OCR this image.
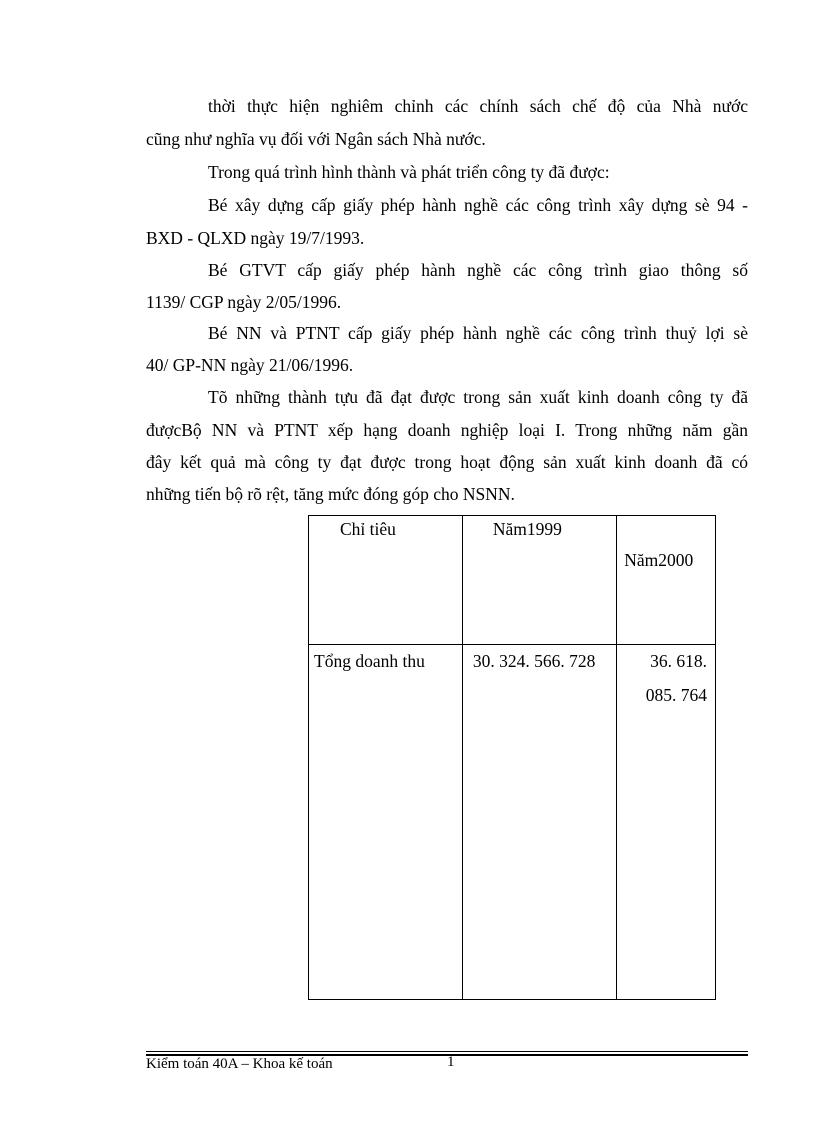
thời thực hiện nghiêm chỉnh các chính sách chế độ của Nhà nước

cũng như nghĩa vụ đối với Ngân sách Nhà nước.

Trong quá trình hình thành và phát triển công ty đã được:

Bé xây dựng cấp giấy phép hành nghề các công trình xây dựng sè 94 -

BXD - QLXD ngày 19/7/1993.

Bé GTVT cấp giấy phép hành nghề các công trình giao thông số

1139/ CGP ngày 2/05/1996.

Bé NN và PTNT cấp giấy phép hành nghề các công trình thuỷ lợi sè

40/ GP-NN ngày 21/06/1996.

Tõ những thành tựu đã đạt được trong sản xuất kinh doanh công ty đã

đượcBộ NN và PTNT xếp hạng doanh nghiệp loại I. Trong những năm gần

đây kết quả mà công ty đạt được trong hoạt động sản xuất kinh doanh đã có

những tiến bộ rõ rệt, tăng mức đóng góp cho NSNN.

Chỉ tiêu	Năm1999	Năm2000

Tổng doanh thu	30. 324. 566. 728	36. 618.
085. 764
Kiểm toán 40A – Khoa kế toán	1
